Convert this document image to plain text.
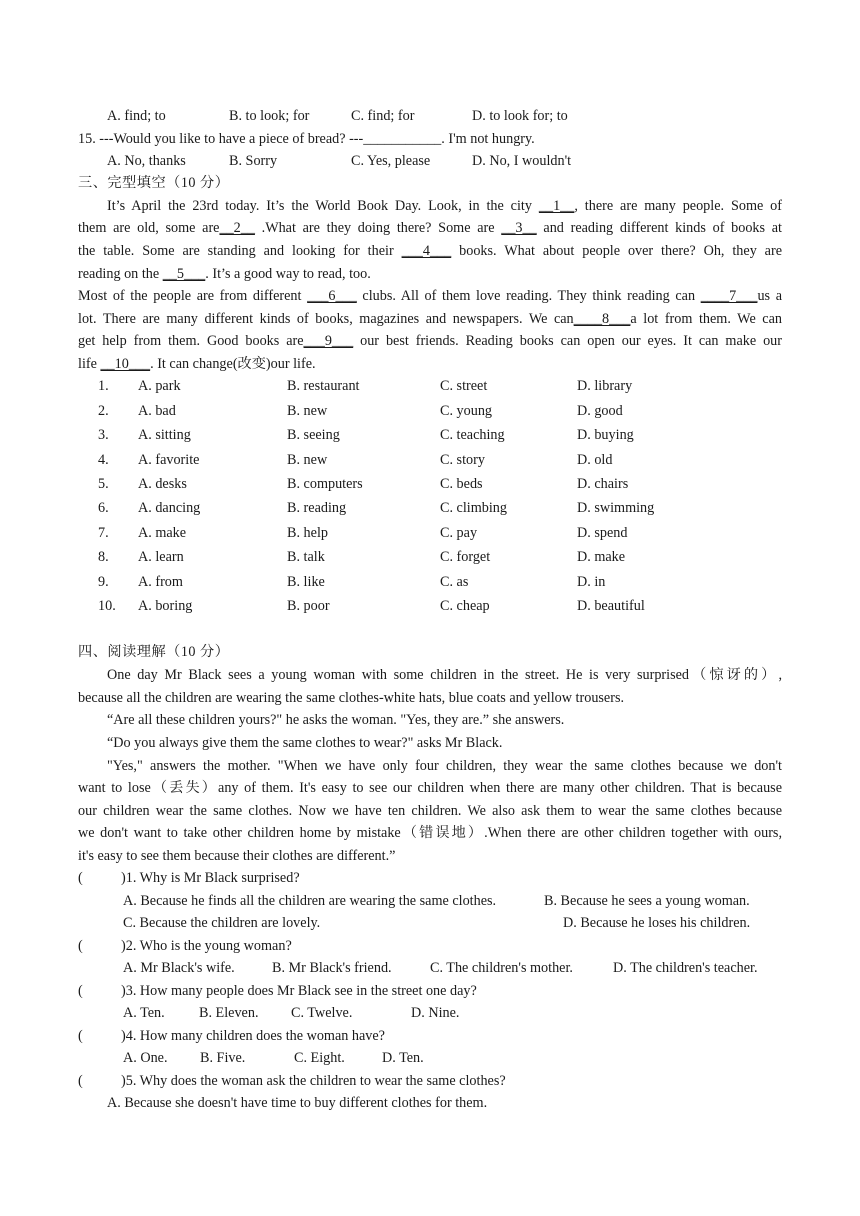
A. find; to	B. to look; for	C. find; for	D. to look for; to
15. ---Would you like to have a piece of bread? ---___________. I'm not hungry.
A. No, thanks	B. Sorry	C. Yes, please	D. No, I wouldn't
三、完型填空（10 分）
It’s April the 23rd today. It’s the World Book Day. Look, in the city __1__, there are many people. Some of
them are old, some are__2__ .What are they doing there? Some are __3__ and reading different kinds of books at
the table. Some are standing and looking for their ___4___ books. What about people over there? Oh, they are
reading on the __5___. It’s a good way to read, too.
Most of the people are from different ___6___ clubs. All of them love reading. They think reading can ____7___us a
lot. There are many different kinds of books, magazines and newspapers. We can____8___a lot from them. We can
get help from them. Good books are___9___ our best friends. Reading books can open our eyes. It can make our
life __10___. It can change(改变)our life.
1. A. park	B. restaurant	C. street	D. library
2. A. bad	B. new	C. young	D. good
3. A. sitting	B. seeing	C. teaching	D. buying
4. A. favorite	B. new	C. story	D. old
5. A. desks	B. computers	C. beds	D. chairs
6. A. dancing	B. reading	C. climbing	D. swimming
7. A. make	B. help	C. pay	D. spend
8. A. learn	B. talk	C. forget	D. make
9. A. from	B. like	C. as	D. in
10. A. boring	B. poor	C. cheap	D. beautiful
四、阅读理解（10 分）
One day Mr Black sees a young woman with some children in the street. He is very surprised（惊讶的）,
because all the children are wearing the same clothes-white hats, blue coats and yellow trousers.
“Are all these children yours?" he asks the woman. "Yes, they are.” she answers.
“Do you always give them the same clothes to wear?" asks Mr Black.
"Yes," answers the mother. "When we have only four children, they wear the same clothes because we don't
want to lose（丢失）any of them. It's easy to see our children when there are many other children. That is because
our children wear the same clothes. Now we have ten children. We also ask them to wear the same clothes because
we don't want to take other children home by mistake（错误地）.When there are other children together with ours,
it's easy to see them because their clothes are different.”
(	)1. Why is Mr Black surprised?
A. Because he finds all the children are wearing the same clothes.	B. Because he sees a young woman.
C. Because the children are lovely.	D. Because he loses his children.
(	)2. Who is the young woman?
A. Mr Black's wife.	B. Mr Black's friend.	C. The children's mother.	D. The children's teacher.
(	)3. How many people does Mr Black see in the street one day?
A. Ten. B. Eleven. C. Twelve.	D. Nine.
(	)4. How many children does the woman have?
A. One. B. Five.	C. Eight.	D. Ten.
(	)5. Why does the woman ask the children to wear the same clothes?
A. Because she doesn't have time to buy different clothes for them.
